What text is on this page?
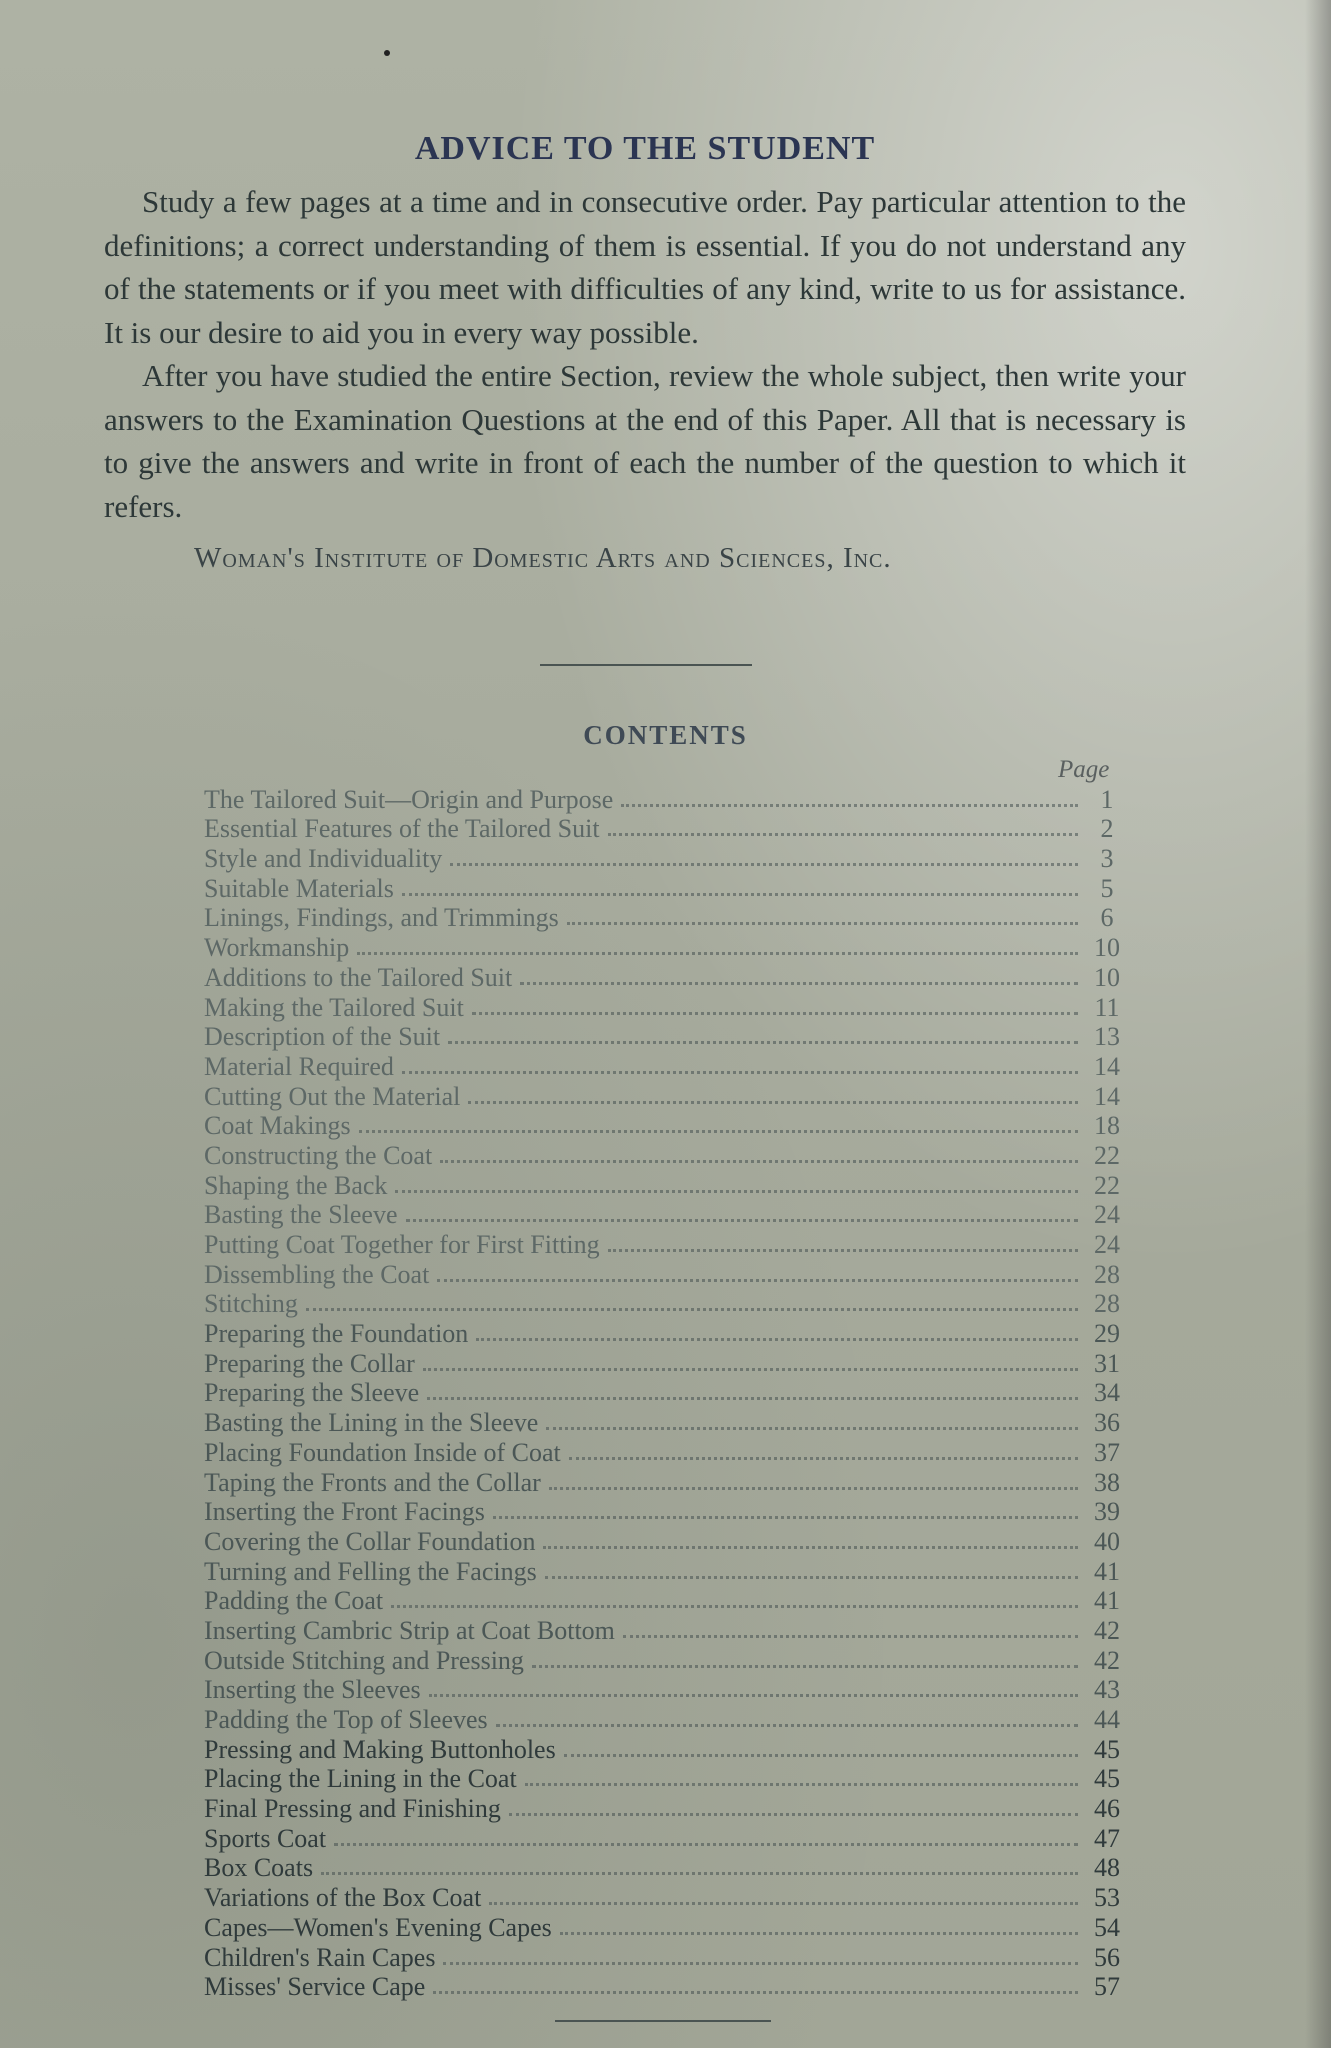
ADVICE TO THE STUDENT

Study a few pages at a time and in consecutive order. Pay particular attention to the definitions; a correct understanding of them is essential. If you do not understand any of the statements or if you meet with difficulties of any kind, write to us for assistance. It is our desire to aid you in every way possible.

After you have studied the entire Section, review the whole subject, then write your answers to the Examination Questions at the end of this Paper. All that is necessary is to give the answers and write in front of each the number of the question to which it refers.

Woman's Institute of Domestic Arts and Sciences, Inc.
CONTENTS
Page
The Tailored Suit—Origin and Purpose	1
Essential Features of the Tailored Suit	2
Style and Individuality	3
Suitable Materials	5
Linings, Findings, and Trimmings	6
Workmanship	10
Additions to the Tailored Suit	10
Making the Tailored Suit	11
Description of the Suit	13
Material Required	14
Cutting Out the Material	14
Coat Makings	18
Constructing the Coat	22
Shaping the Back	22
Basting the Sleeve	24
Putting Coat Together for First Fitting	24
Dissembling the Coat	28
Stitching	28
Preparing the Foundation	29
Preparing the Collar	31
Preparing the Sleeve	34
Basting the Lining in the Sleeve	36
Placing Foundation Inside of Coat	37
Taping the Fronts and the Collar	38
Inserting the Front Facings	39
Covering the Collar Foundation	40
Turning and Felling the Facings	41
Padding the Coat	41
Inserting Cambric Strip at Coat Bottom	42
Outside Stitching and Pressing	42
Inserting the Sleeves	43
Padding the Top of Sleeves	44
Pressing and Making Buttonholes	45
Placing the Lining in the Coat	45
Final Pressing and Finishing	46
Sports Coat	47
Box Coats	48
Variations of the Box Coat	53
Capes—Women's Evening Capes	54
Children's Rain Capes	56
Misses' Service Cape	57
